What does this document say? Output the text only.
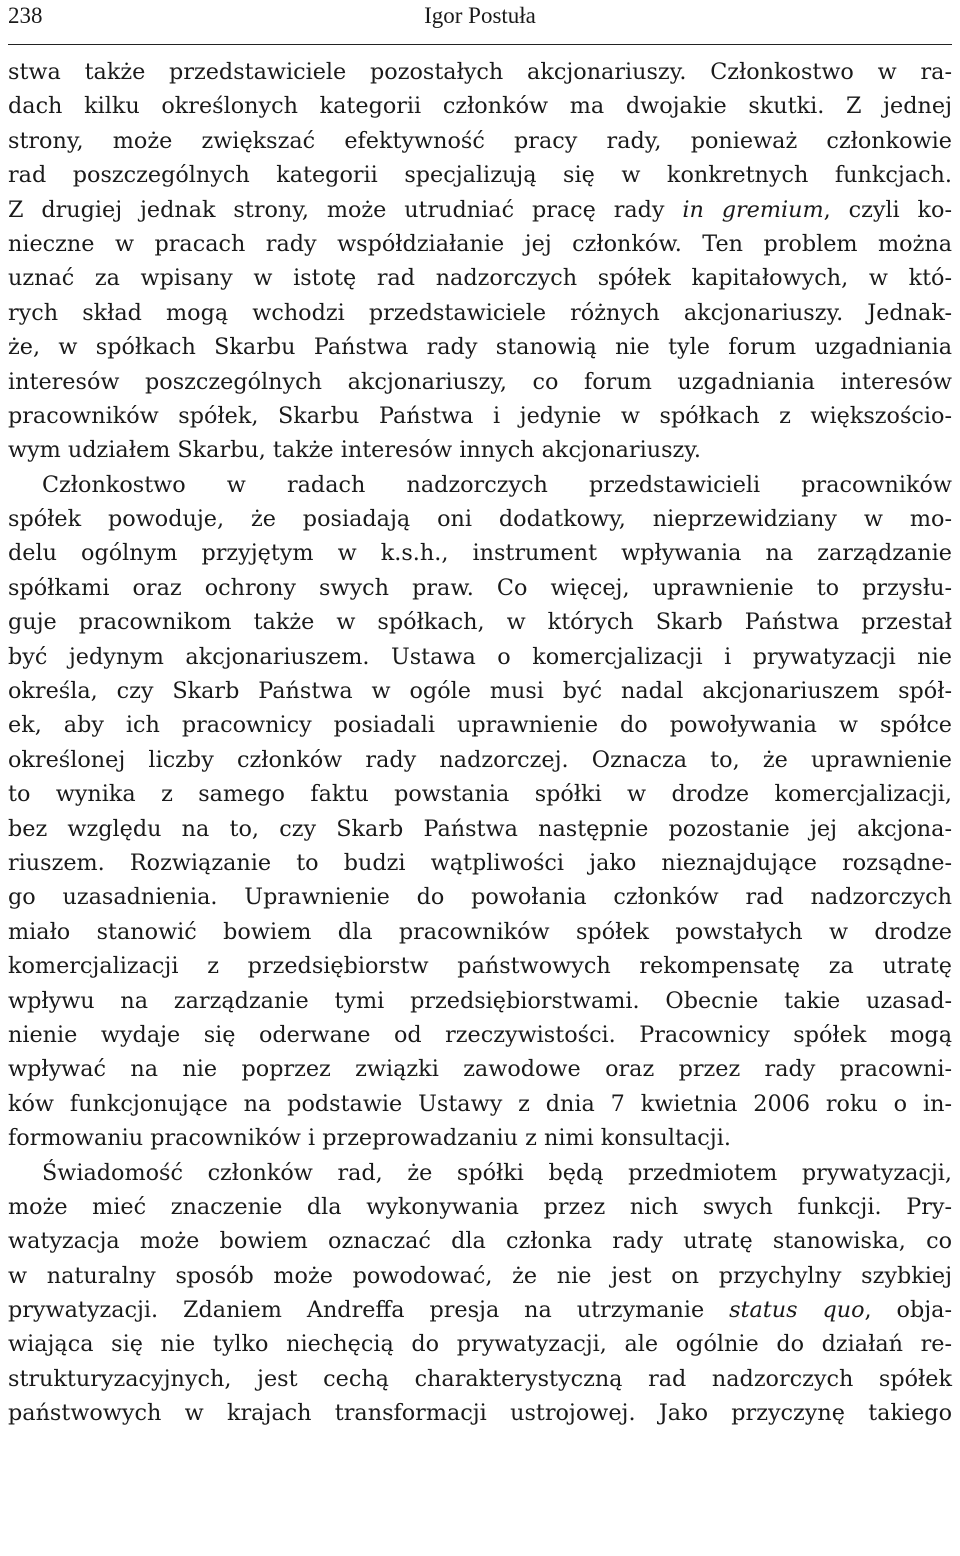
238	Igor Postuła
stwa także przedstawiciele pozostałych akcjonariuszy. Członkostwo w ra-
dach kilku określonych kategorii członków ma dwojakie skutki. Z jednej
strony, może zwiększać efektywność pracy rady, ponieważ członkowie
rad poszczególnych kategorii specjalizują się w konkretnych funkcjach.
Z drugiej jednak strony, może utrudniać pracę rady in gremium, czyli ko-
nieczne w pracach rady współdziałanie jej członków. Ten problem można
uznać za wpisany w istotę rad nadzorczych spółek kapitałowych, w któ-
rych skład mogą wchodzi przedstawiciele różnych akcjonariuszy. Jednak-
że, w spółkach Skarbu Państwa rady stanowią nie tyle forum uzgadniania
interesów poszczególnych akcjonariuszy, co forum uzgadniania interesów
pracowników spółek, Skarbu Państwa i jedynie w spółkach z większościo-
wym udziałem Skarbu, także interesów innych akcjonariuszy.
Członkostwo w radach nadzorczych przedstawicieli pracowników
spółek powoduje, że posiadają oni dodatkowy, nieprzewidziany w mo-
delu ogólnym przyjętym w k.s.h., instrument wpływania na zarządzanie
spółkami oraz ochrony swych praw. Co więcej, uprawnienie to przysłu-
guje pracownikom także w spółkach, w których Skarb Państwa przestał
być jedynym akcjonariuszem. Ustawa o komercjalizacji i prywatyzacji nie
określa, czy Skarb Państwa w ogóle musi być nadal akcjonariuszem spół-
ek, aby ich pracownicy posiadali uprawnienie do powoływania w spółce
określonej liczby członków rady nadzorczej. Oznacza to, że uprawnienie
to wynika z samego faktu powstania spółki w drodze komercjalizacji,
bez względu na to, czy Skarb Państwa następnie pozostanie jej akcjona-
riuszem. Rozwiązanie to budzi wątpliwości jako nieznajdujące rozsądne-
go uzasadnienia. Uprawnienie do powołania członków rad nadzorczych
miało stanowić bowiem dla pracowników spółek powstałych w drodze
komercjalizacji z przedsiębiorstw państwowych rekompensatę za utratę
wpływu na zarządzanie tymi przedsiębiorstwami. Obecnie takie uzasad-
nienie wydaje się oderwane od rzeczywistości. Pracownicy spółek mogą
wpływać na nie poprzez związki zawodowe oraz przez rady pracowni-
ków funkcjonujące na podstawie Ustawy z dnia 7 kwietnia 2006 roku o in-
formowaniu pracowników i przeprowadzaniu z nimi konsultacji.
Świadomość członków rad, że spółki będą przedmiotem prywatyzacji,
może mieć znaczenie dla wykonywania przez nich swych funkcji. Pry-
watyzacja może bowiem oznaczać dla członka rady utratę stanowiska, co
w naturalny sposób może powodować, że nie jest on przychylny szybkiej
prywatyzacji. Zdaniem Andreffa presja na utrzymanie status quo, obja-
wiająca się nie tylko niechęcią do prywatyzacji, ale ogólnie do działań re-
strukturyzacyjnych, jest cechą charakterystyczną rad nadzorczych spółek
państwowych w krajach transformacji ustrojowej. Jako przyczynę takiego
